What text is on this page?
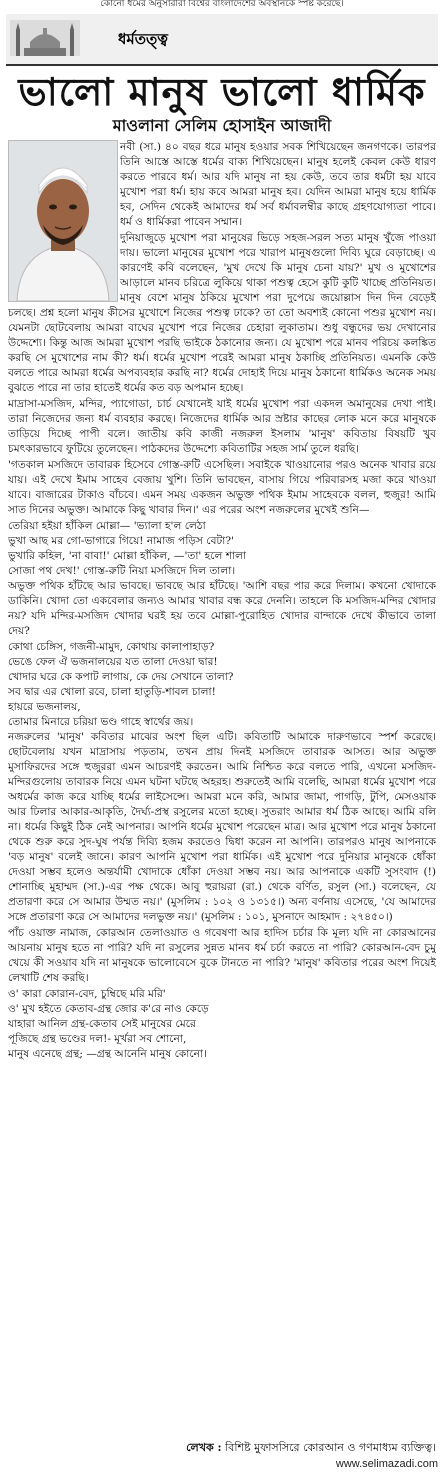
কোনো ধর্মের অনুসারীরা বিশ্বের বাংলাদেশের অবস্থানকে স্পষ্ট করেছে।
ধর্মতত্ত্ব
ভালো মানুষ ভালো ধার্মিক
মাওলানা সেলিম হোসাইন আজাদী

নবী (সা.) ৪০ বছর ধরে মানুষ হওয়ার সবক শিখিয়েছেন জনগণকে। তারপর তিনি আস্তে আস্তে ধর্মের বাক্য শিখিয়েছেন। মানুষ হলেই কেবল কেউ ধারণ করতে পারবে ধর্ম। আর যদি মানুষ না হয় কেউ, তবে তার ধর্মটা হয় যাবে মুখোশ পরা ধর্ম। হায় কবে আমরা মানুষ হব। যেদিন আমরা মানুষ হয়ে ধার্মিক হব, সেদিন থেকেই আমাদের ধর্ম সর্ব ধর্মাবলম্বীর কাছে গ্রহণযোগ্যতা পাবে। ধর্ম ও ধার্মিকরা পাবেন সম্মান।

দুনিয়াজুড়ে মুখোশ পরা মানুষের ভিড়ে সহজ-সরল সত্য মানুষ খুঁজে পাওয়া দায়। ভালো মানুষের মুখোশ পরে খারাপ মানুষগুলো দিব্যি ঘুরে বেড়াচ্ছে। এ কারণেই কবি বলেছেন, 'মুখ দেখে কি মানুষ চেনা যায়?' মুখ ও মুখোশের আড়ালে মানব চরিত্রে লুকিয়ে থাকা পশুত্ব হেসে কুটি কুটি খাচ্ছে প্রতিনিয়ত। মানুষ বেশে মানুষ ঠকিয়ে মুখোশ পরা দুপেয়ে জয়োল্লাস দিন দিন বেড়েই চলছে। প্রশ্ন হলো মানুষ কীসের মুখোশে নিজের পশুত্ব ঢাকে? তা তো অবশ্যই কোনো পশুর মুখোশ নয়। যেমনটা ছোটবেলায় আমরা বাঘের মুখোশ পরে নিজের চেহারা লুকাতাম। শুধু বন্ধুদের ভয় দেখানোর উদ্দেশ্যে। কিন্তু আজ আমরা মুখোশ পরছি ভাইকে ঠকানোর জন্য। যে মুখোশ পরে মানব পরিচয় কলঙ্কিত করছি সে মুখোশের নাম কী? ধর্ম। ধর্মের মুখোশ পরেই আমরা মানুষ ঠকাচ্ছি প্রতিনিয়ত। এমনকি কেউ বলতে পারে আমরা ধর্মের অপব্যবহার করছি না? ধর্মের দোহাই দিয়ে মানুষ ঠকানো ধার্মিকও অনেক সময় বুঝতে পারে না তার হাতেই ধর্মের কত বড় অপমান হচ্ছে।

মাদ্রাসা-মসজিদ, মন্দির, প্যাগোডা, চার্চ যেখানেই যাই ধর্মের মুখোশ পরা একদল অমানুষের দেখা পাই। তারা নিজেদের জন্য ধর্ম ব্যবহার করছে। নিজেদের ধার্মিক আর স্রষ্টার কাছের লোক মনে করে মানুষকে তাড়িয়ে দিচ্ছে পাপী বলে। জাতীয় কবি কাজী নজরুল ইসলাম 'মানুষ' কবিতায় বিষয়টি খুব চমৎকারভাবে ফুটিয়ে তুলেছেন। পাঠকদের উদ্দেশ্যে কবিতাটির সহজ সার্ম তুলে ধরছি।

'গতকাল মসজিদে তাবারক হিসেবে গোস্ত-রুটি এসেছিল। সবাইকে খাওয়ানোর পরও অনেক খাবার রয়ে যায়। এই দেখে ইমাম সাহেব বেজায় খুশি। তিনি ভাবছেন, বাসায় গিয়ে পরিবারসহ মজা করে খাওয়া যাবে। বাজারের টাকাও বাঁচবে। এমন সময় একজন অভুক্ত পথিক ইমাম সাহেবকে বলল, হুজুর! আমি সাত দিনের অভুক্ত। আমাকে কিছু খাবার দিন।' এর পরের অংশ নজরুলের মুখেই শুনি—

তেরিয়া হইয়া হাঁকিল মোল্লা— 'ভ্যালা হ'ল লেঠা
ভুখা আছ মর গো-ভাগারে গিয়ে! নামাজ পড়িস বেটা?'
ভুখারি কহিল, 'না বাবা!' মোল্লা হাঁকিল, —'তা' হলে শালা
সোজা পথ দেখ!' গোস্ত-রুটি নিয়া মসজিদে দিল তালা।

অভুক্ত পথিক হাঁটছে আর ভাবছে। ভাবছে আর হাঁটছে। 'আশি বছর পার করে দিলাম। কখনো খোদাকে ডাকিনি। খোদা তো একবেলার জন্যও আমার খাবার বন্ধ করে দেননি। তাহলে কি মসজিদ-মন্দির খোদার নয়? যদি মন্দির-মসজিদ খোদার ঘরই হয় তবে মোল্লা-পুরোহিত খোদার বান্দাকে দেখে কীভাবে তালা দেয়?

কোথা চেঙ্গিস, গজনী-মামুদ, কোথায় কালাপাহাড়?
ভেঙে ফেল ঐ ভজনালয়ের যত তালা দেওয়া দ্বার!
খোদার ঘরে কে কপাট লাগায়, কে দেয় সেখানে তালা?
সব দ্বার এর খোলা রবে, চালা হাতুড়ি-শাবল চালা!
হায়রে ভজনালয়,
তোমার মিনারে চরিয়া ভণ্ড গাহে স্বার্থের জয়।

নজরুলের 'মানুষ' কবিতার মাঝের অংশ ছিল এটি। কবিতাটি আমাকে দারুণভাবে স্পর্শ করেছে। ছোটবেলায় যখন মাদ্রাসায় পড়তাম, তখন প্রায় দিনই মসজিদে তাবারক আসত। আর অভুক্ত মুসাফিরদের সঙ্গে হুজুররা এমন আচরণই করতেন। আমি নিশ্চিত করে বলতে পারি, এখনো মসজিদ-মন্দিরগুলোয় তাবারক নিয়ে এমন ঘটনা ঘটছে অহরহ। শুরুতেই আমি বলেছি, আমরা ধর্মের মুখোশ পরে অধর্মের কাজ করে যাচ্ছি ধর্মের লাইসেন্সে। আমরা মনে করি, আমার জামা, পাগড়ি, টুপি, মেসওয়াক আর ঢিলার আকার-আকৃতি, দৈর্ঘ্য-প্রস্থ রসুলের মতো হচ্ছে। সুতরাং আমার ধর্ম ঠিক আছে। আমি বলি না। ধর্মের কিছুই ঠিক নেই আপনার। আপনি ধর্মের মুখোশ পরেছেন মাত্র। আর মুখোশ পরে মানুষ ঠকানো থেকে শুরু করে সুদ-ঘুষ পর্যন্ত দিব্যি হজম করতেও দ্বিধা করেন না আপনি। তারপরও মানুষ আপনাকে 'বড় মানুষ' বলেই জানে। কারণ আপনি মুখোশ পরা ধার্মিক। এই মুখোশ পরে দুনিয়ার মানুষকে ধোঁকা দেওয়া সম্ভব হলেও অন্তর্যামী খোদাকে ধোঁকা দেওয়া সম্ভব নয়। আর আপনাকে একটি সুসংবাদ (!) শোনাচ্ছি মুহাম্মদ (সা.)-এর পক্ষ থেকে। আবু হুরায়রা (রা.) থেকে বর্ণিত, রসুল (সা.) বলেছেন, যে প্রতারণা করে সে আমার উম্মত নয়।' (মুসলিম : ১০২ ও ১৩১৫।) অন্য বর্ণনায় এসেছে, 'যে আমাদের সঙ্গে প্রতারণা করে সে আমাদের দলভুক্ত নয়।' (মুসলিম : ১০১, মুসনাদে আহমাদ : ২৭৪৫০।)

পাঁচ ওয়াক্ত নামাজ, কোরআন তেলাওয়াত ও গবেষণা আর হাদিস চর্চার কি মূল্য যদি না কোরআনের আয়নায় মানুষ হতে না পারি? যদি না রসুলের সুন্নত মানব ধর্ম চর্চা করতে না পারি? কোরআন-বেদ চুমু খেয়ে কী সওয়াব যদি না মানুষকে ভালোবেসে বুকে টানতে না পারি? 'মানুষ' কবিতার পরের অংশ দিয়েই লেখাটি শেষ করছি।

ও' কারা কোরান-বেদ, চুম্বিছে মরি মরি'
ও' মুখ হইতে কেতাব-গ্রন্থ জোর ক'রে নাও কেড়ে
যাহারা আনিল গ্রন্থ-কেতাব সেই মানুষের মেরে
পূজিছে গ্রন্থ ভণ্ডের দল!- মূর্খরা সব শোনো,
মানুষ এনেছে গ্রন্থ; —গ্রন্থ আনেনি মানুষ কোনো।
লেখক : বিশিষ্ট মুফাসসিরে কোরআন ও গণমাধ্যম ব্যক্তিত্ব।
www.selimazadi.com
